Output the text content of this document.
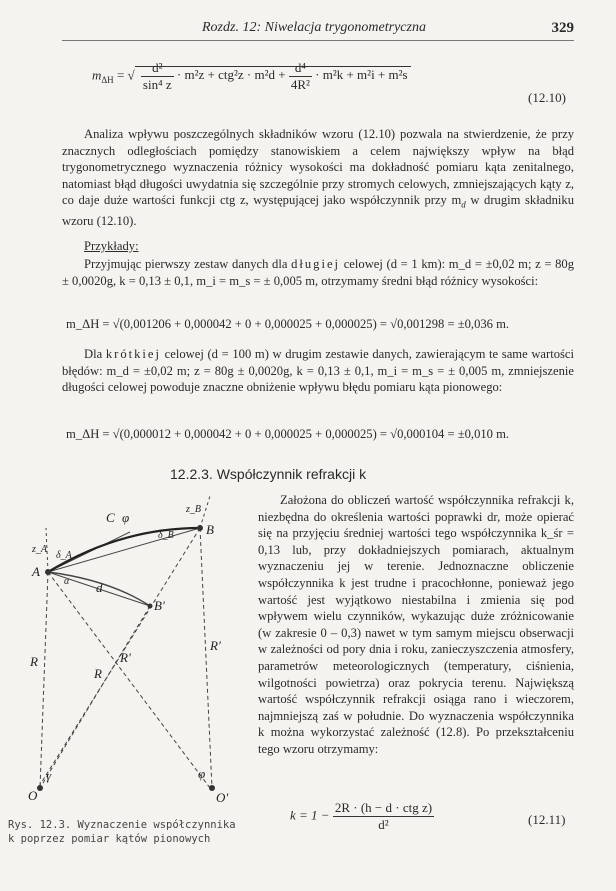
Rozdz. 12: Niwelacja trygonometryczna	329
$m_{\Delta H}$ = √ $\frac{\text{d²}}{\text{sin⁴ z}} \cdot m^2z + ctg^2z \cdot m^2d + \frac{\text{d⁴}}{\text{4R²}} \cdot m^2k + m^2i + m^2s$
(12.10)

Analiza wpływu poszczególnych składników wzoru (12.10) pozwala na stwierdzenie, że przy znacznych odległościach pomiędzy stanowiskiem a celem największy wpływ na błąd trygonometrycznego wyznaczenia różnicy wysokości ma dokładność pomiaru kąta zenitalnego, natomiast błąd długości uwydatnia się szczególnie przy stromych celowych, zmniejszających kąty z, co daje duże wartości funkcji ctg z, występującej jako współczynnik przy $m_d$ w drugim składniku wzoru (12.10).

Przykłady:

Przyjmując pierwszy zestaw danych dla długiej celowej (d = 1 km): m_d = ±0,02 m; z = 80g ± 0,0020g, k = 0,13 ± 0,1, m_i = m_s = ± 0,005 m, otrzymamy średni błąd różnicy wysokości:

m_ΔH = √(0,001206 + 0,000042 + 0 + 0,000025 + 0,000025) = √0,001298 = ±0,036 m.

Dla krótkiej celowej (d = 100 m) w drugim zestawie danych, zawierającym te same wartości błędów: m_d = ±0,02 m; z = 80g ± 0,0020g, k = 0,13 ± 0,1, m_i = m_s = ± 0,005 m, zmniejszenie długości celowej powoduje znaczne obniżenie wpływu błędu pomiaru kąta pionowego:

m_ΔH = √(0,000012 + 0,000042 + 0 + 0,000025 + 0,000025) = √0,000104 = ±0,010 m.
12.2.3. Współczynnik refrakcji k
A
B
B'
C φ
O	O'
R
R
R'
R'
γ	φ
d
z_A
z_B
δ_A
δ_B
α

Założona do obliczeń wartość współczynnika refrakcji k, niezbędna do określenia wartości poprawki dr, może opierać się na przyjęciu średniej wartości tego współczynnika k_śr = 0,13 lub, przy dokładniejszych pomiarach, aktualnym wyznaczeniu jej w terenie. Jednoznaczne obliczenie współczynnika k jest trudne i pracochłonne, ponieważ jego wartość jest wyjątkowo niestabilna i zmienia się pod wpływem wielu czynników, wykazując duże zróżnicowanie (w zakresie 0 – 0,3) nawet w tym samym miejscu obserwacji w zależności od pory dnia i roku, zanieczyszczenia atmosfery, parametrów meteorologicznych (temperatury, ciśnienia, wilgotności powietrza) oraz pokrycia terenu. Największą wartość współczynnik refrakcji osiąga rano i wieczorem, najmniejszą zaś w południe. Do wyznaczenia współczynnika k można wykorzystać zależność (12.8). Po przekształceniu tego wzoru otrzymamy:

$k = 1 - \frac{\text{2R · (h − d · ctg z)}}{\text{d²}}$	(12.11)
Rys. 12.3. Wyznaczenie współczynnika
k poprzez pomiar kątów pionowych
